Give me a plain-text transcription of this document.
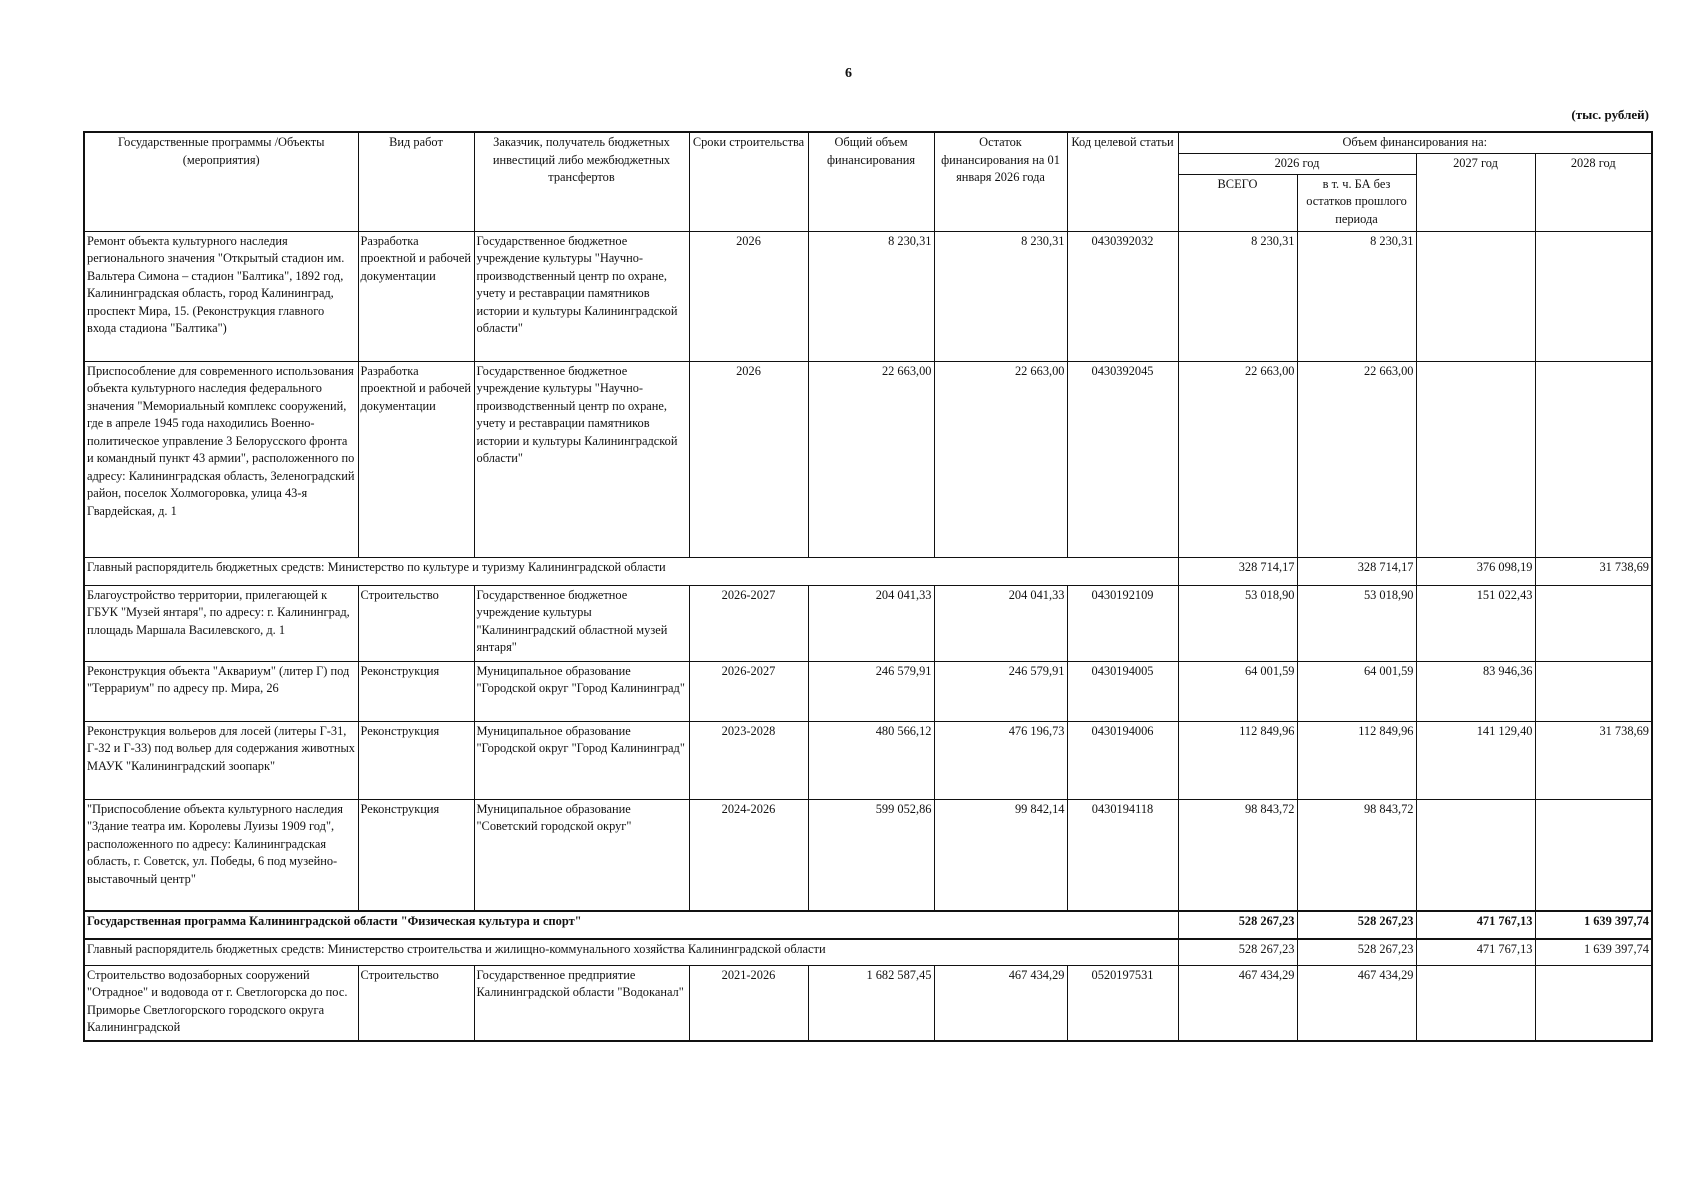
6
(тыс. рублей)
Государственные программы /Объекты (мероприятия)	Вид работ	Заказчик, получатель бюджетных инвестиций либо межбюджетных трансфертов	Сроки строительства	Общий объем финансирования	Остаток финансирования на 01 января 2026 года	Код целевой статьи	Объем финансирования на:			
							2026 год		2027 год	2028 год
							ВСЕГО	в т. ч. БА без остатков прошлого периода		
Ремонт объекта культурного наследия регионального значения "Открытый стадион им. Вальтера Симона – стадион "Балтика", 1892 год, Калининградская область, город Калининград, проспект Мира, 15. (Реконструкция главного входа стадиона "Балтика")	Разработка проектной и рабочей документации	Государственное бюджетное учреждение культуры "Научно-производственный центр по охране, учету и реставрации памятников истории и культуры Калининградской области"	2026	8 230,31	8 230,31	0430392032	8 230,31	8 230,31		
Приспособление для современного использования объекта культурного наследия федерального значения "Мемориальный комплекс сооружений, где в апреле 1945 года находились Военно-политическое управление 3 Белорусского фронта и командный пункт 43 армии", расположенного по адресу: Калининградская область, Зеленоградский район, поселок Холмогоровка, улица 43-я Гвардейская, д. 1	Разработка проектной и рабочей документации	Государственное бюджетное учреждение культуры "Научно-производственный центр по охране, учету и реставрации памятников истории и культуры Калининградской области"	2026	22 663,00	22 663,00	0430392045	22 663,00	22 663,00		
Главный распорядитель бюджетных средств: Министерство по культуре и туризму Калининградской области							328 714,17	328 714,17	376 098,19	31 738,69
Благоустройство территории, прилегающей к ГБУК "Музей янтаря", по адресу: г. Калининград, площадь Маршала Василевского, д. 1	Строительство	Государственное бюджетное учреждение культуры "Калининградский областной музей янтаря"	2026-2027	204 041,33	204 041,33	0430192109	53 018,90	53 018,90	151 022,43	
Реконструкция объекта "Аквариум" (литер Г) под "Террариум" по адресу пр. Мира, 26	Реконструкция	Муниципальное образование "Городской округ "Город Калининград"	2026-2027	246 579,91	246 579,91	0430194005	64 001,59	64 001,59	83 946,36	
Реконструкция вольеров для лосей (литеры Г-31, Г-32 и Г-33) под вольер для содержания животных МАУК "Калининградский зоопарк"	Реконструкция	Муниципальное образование "Городской округ "Город Калининград"	2023-2028	480 566,12	476 196,73	0430194006	112 849,96	112 849,96	141 129,40	31 738,69
"Приспособление объекта культурного наследия "Здание театра им. Королевы Луизы 1909 год", расположенного по адресу: Калининградская область, г. Советск, ул. Победы, 6 под музейно-выставочный центр"	Реконструкция	Муниципальное образование "Советский городской округ"	2024-2026	599 052,86	99 842,14	0430194118	98 843,72	98 843,72		
Государственная программа Калининградской области "Физическая культура и спорт"							528 267,23	528 267,23	471 767,13	1 639 397,74
Главный распорядитель бюджетных средств: Министерство строительства и жилищно-коммунального хозяйства Калининградской области							528 267,23	528 267,23	471 767,13	1 639 397,74
Строительство водозаборных сооружений "Отрадное" и водовода от г. Светлогорска до пос. Приморье Светлогорского городского округа Калининградской	Строительство	Государственное предприятие Калининградской области "Водоканал"	2021-2026	1 682 587,45	467 434,29	0520197531	467 434,29	467 434,29		
